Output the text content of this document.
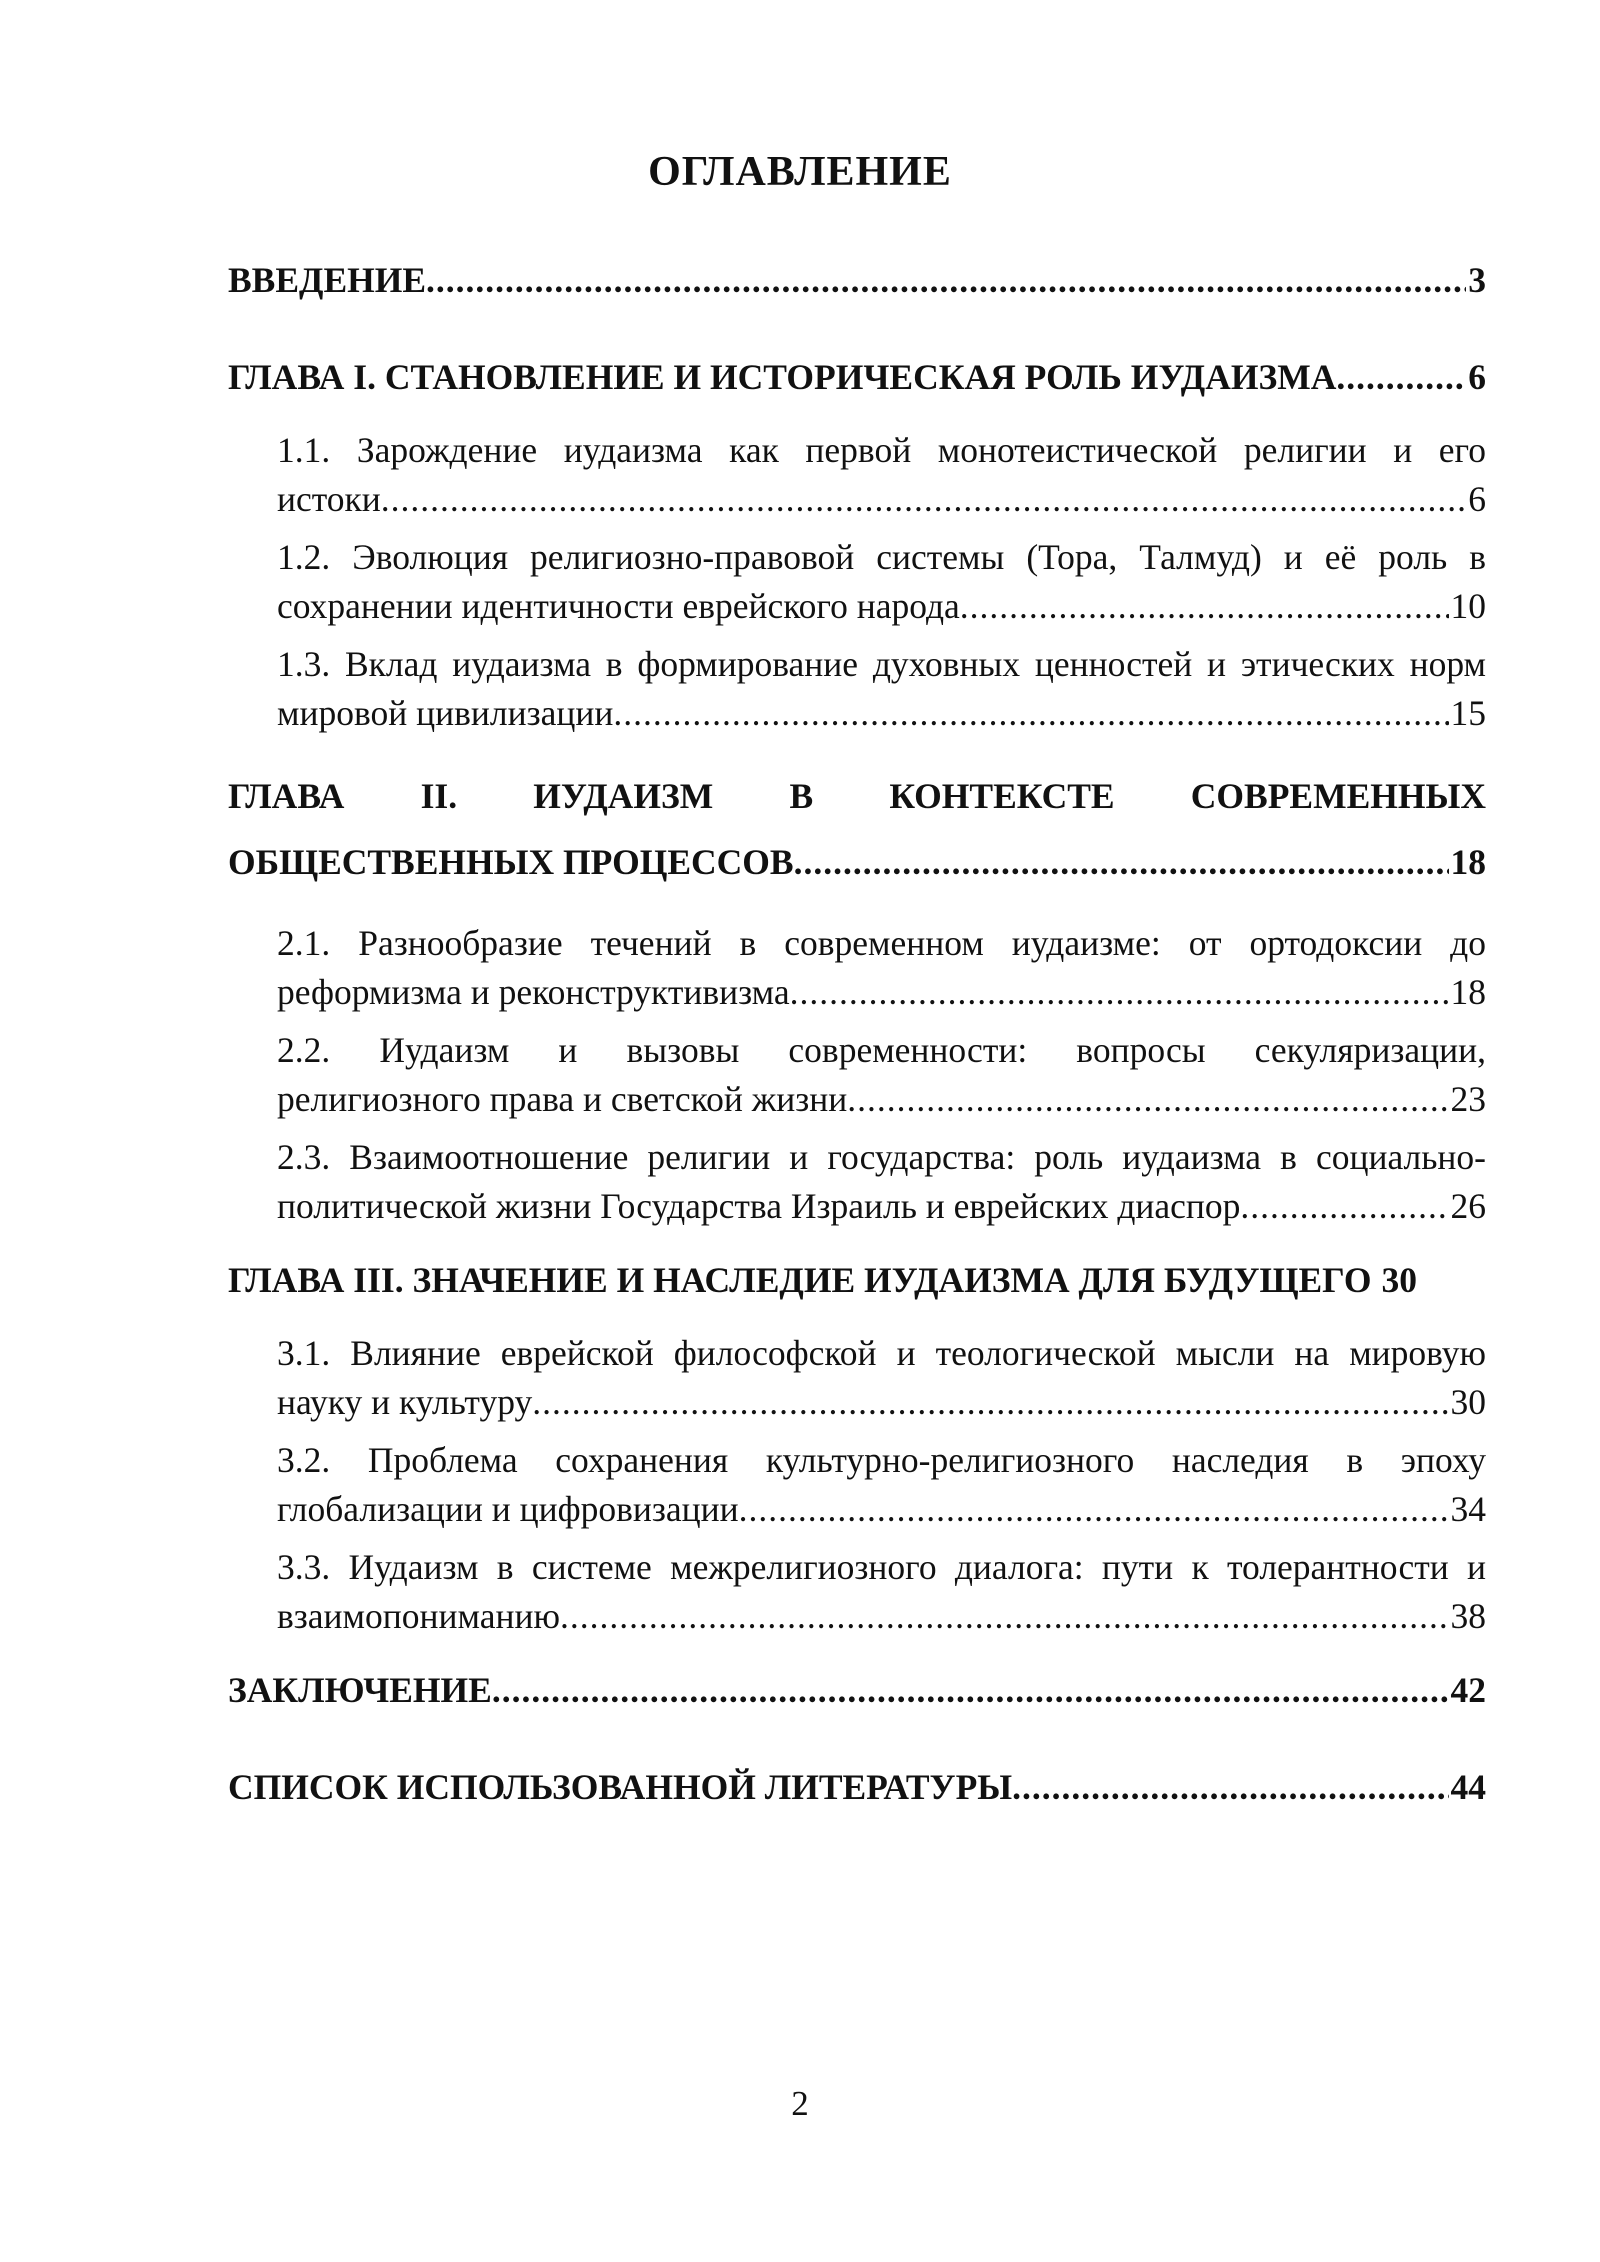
ОГЛАВЛЕНИЕ
ВВЕДЕНИЕ .....	3
ГЛАВА I. СТАНОВЛЕНИЕ И ИСТОРИЧЕСКАЯ РОЛЬ ИУДАИЗМА .....	6
1.1. Зарождение иудаизма как первой монотеистической религии и его
истоки .....	6
1.2. Эволюция религиозно-правовой системы (Тора, Талмуд) и её роль в
сохранении идентичности еврейского народа .....	10
1.3. Вклад иудаизма в формирование духовных ценностей и этических норм
мировой цивилизации .....	15
ГЛАВА II. ИУДАИЗМ В КОНТЕКСТЕ СОВРЕМЕННЫХ
ОБЩЕСТВЕННЫХ ПРОЦЕССОВ .....	18
2.1. Разнообразие течений в современном иудаизме: от ортодоксии до
реформизма и реконструктивизма .....	18
2.2. Иудаизм и вызовы современности: вопросы секуляризации,
религиозного права и светской жизни .....	23
2.3. Взаимоотношение религии и государства: роль иудаизма в социально-
политической жизни Государства Израиль и еврейских диаспор .....	26
ГЛАВА III. ЗНАЧЕНИЕ И НАСЛЕДИЕ ИУДАИЗМА ДЛЯ БУДУЩЕГО 30
3.1. Влияние еврейской философской и теологической мысли на мировую
науку и культуру .....	30
3.2. Проблема сохранения культурно-религиозного наследия в эпоху
глобализации и цифровизации .....	34
3.3. Иудаизм в системе межрелигиозного диалога: пути к толерантности и
взаимопониманию .....	38
ЗАКЛЮЧЕНИЕ .....	42
СПИСОК ИСПОЛЬЗОВАННОЙ ЛИТЕРАТУРЫ .....	44
2
